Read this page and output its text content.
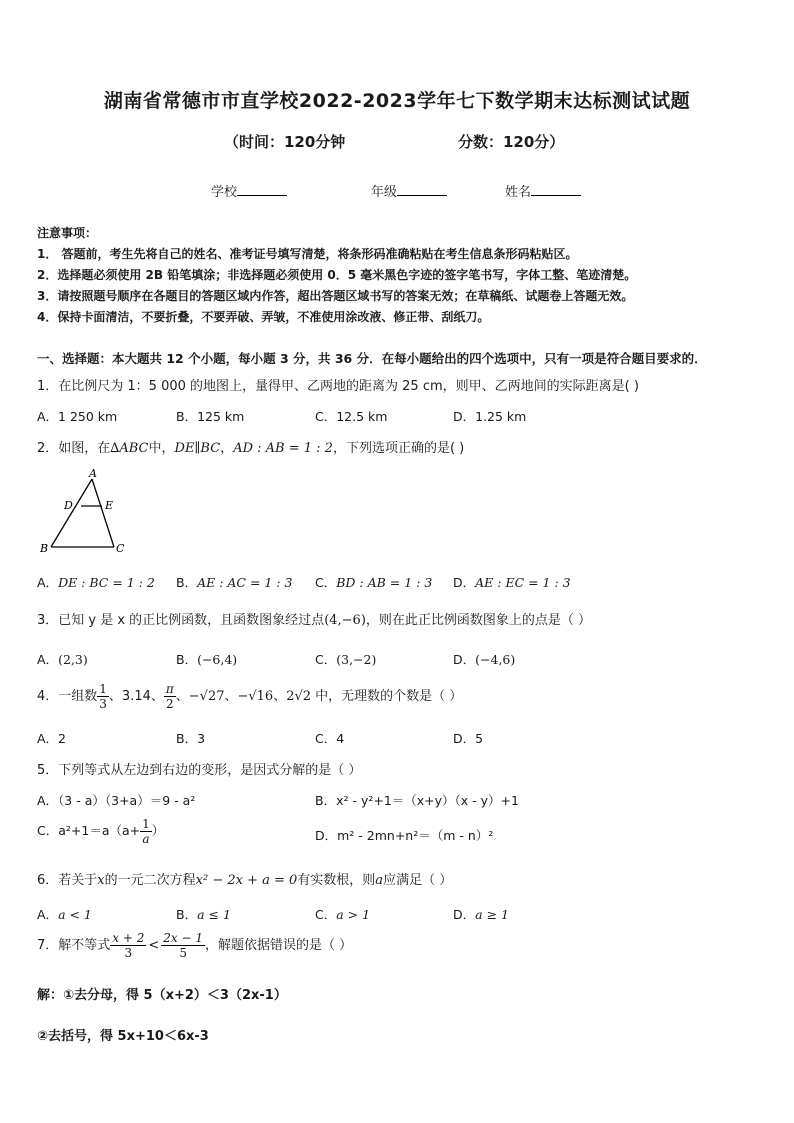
湖南省常德市市直学校2022-2023学年七下数学期末达标测试试题
（时间：120分钟	分数：120分）
学校	年级	姓名
注意事项：
1． 答题前，考生先将自己的姓名、准考证号填写清楚，将条形码准确粘贴在考生信息条形码粘贴区。
2．选择题必须使用 2B 铅笔填涂；非选择题必须使用 0．5 毫米黑色字迹的签字笔书写，字体工整、笔迹清楚。
3．请按照题号顺序在各题目的答题区域内作答，超出答题区域书写的答案无效；在草稿纸、试题卷上答题无效。
4．保持卡面清洁，不要折叠，不要弄破、弄皱，不准使用涂改液、修正带、刮纸刀。
一、选择题：本大题共 12 个小题，每小题 3 分，共 36 分．在每小题给出的四个选项中，只有一项是符合题目要求的．
1．在比例尺为 1：5 000 的地图上，量得甲、乙两地的距离为 25 cm，则甲、乙两地间的实际距离是( )
A．1 250 km	B．125 km	C．12.5 km	D．1.25 km
2．如图，在∆ABC中，DE∥BC，AD : AB = 1 : 2，下列选项正确的是( )
A
D	E
B	C
A．DE : BC = 1 : 2 B．AE : AC = 1 : 3 C．BD : AB = 1 : 3 D．AE : EC = 1 : 3
3．已知 y 是 x 的正比例函数，且函数图象经过点(4,−6)，则在此正比例函数图象上的点是（ ）
A．(2,3)	B．(−6,4)	C．(3,−2)	D．(−4,6)
4．一组数 $\frac{1}{3}$ 、3.14、 $\frac{\pi}{2}$ 、−√27、−√16、2√2 中，无理数的个数是（ ）
A．2	B．3	C．4	D．5
5．下列等式从左边到右边的变形，是因式分解的是（ ）
A．（3 - a）（3+a）＝9 - a²	B．x² - y²+1＝（x+y）（x - y）+1
C．$a^2+1=a(a+ \frac{1}{a}$ ）	D．m² - 2mn+n²＝（m - n）²
6．若关于x的一元二次方程x² − 2x + a = 0有实数根，则a应满足（ ）
A．a < 1	B．a ≤ 1	C．a > 1	D．a ≥ 1
7．解不等式 $\frac{x + 2}{3} < \frac{2x - 1}{5}$ ，解题依据错误的是（ ）
解：①去分母，得 5（x+2）＜3（2x-1）
②去括号，得 5x+10＜6x-3
